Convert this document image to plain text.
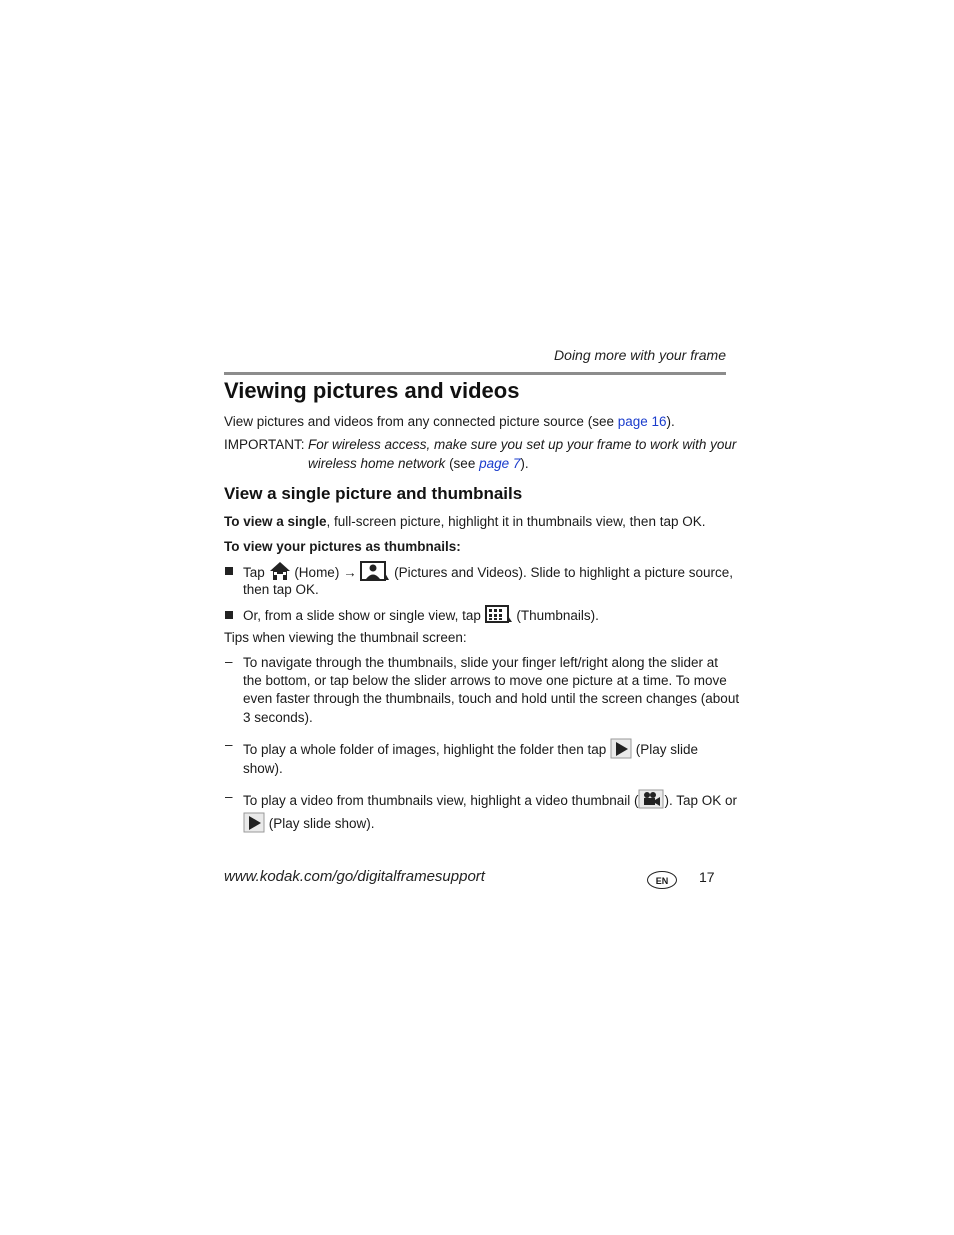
Doing more with your frame
Viewing pictures and videos
View pictures and videos from any connected picture source (see page 16).
IMPORTANT: For wireless access, make sure you set up your frame to work with your
wireless home network (see page 7).
View a single picture and thumbnails
To view a single, full-screen picture, highlight it in thumbnails view, then tap OK.
To view your pictures as thumbnails:
Tap (Home) →	(Pictures and Videos). Slide to highlight a picture source,
then tap OK.
Or, from a slide show or single view, tap	(Thumbnails).
Tips when viewing the thumbnail screen:
– To navigate through the thumbnails, slide your finger left/right along the slider at
the bottom, or tap below the slider arrows to move one picture at a time. To move
even faster through the thumbnails, touch and hold until the screen changes (about
3 seconds).
– To play a whole folder of images, highlight the folder then tap (Play slide
show).
– To play a video from thumbnails view, highlight a video thumbnail ( ). Tap OK or
(Play slide show).
www.kodak.com/go/digitalframesupport	EN	17
